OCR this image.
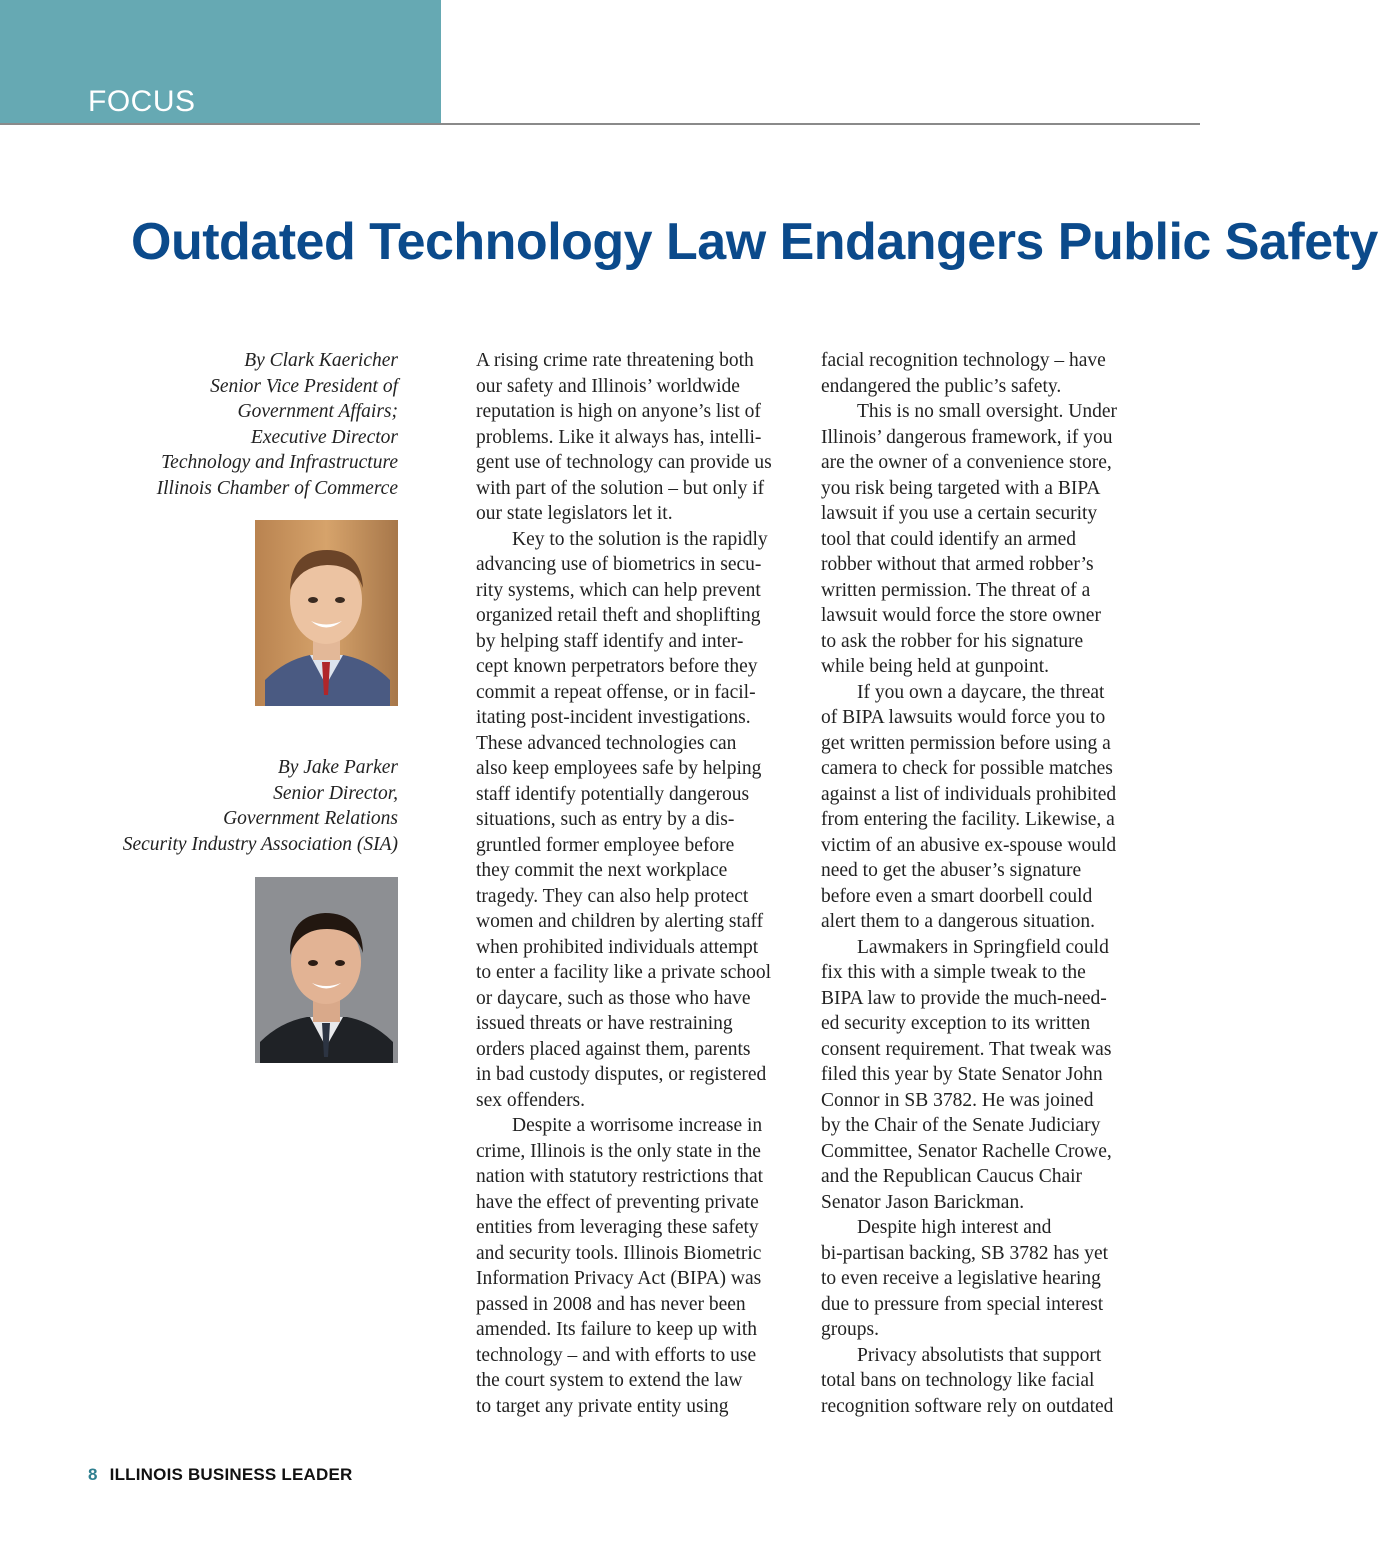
FOCUS
Outdated Technology Law Endangers Public Safety
By Clark Kaericher
Senior Vice President of
Government Affairs;
Executive Director
Technology and Infrastructure
Illinois Chamber of Commerce
By Jake Parker
Senior Director,
Government Relations
Security Industry Association (SIA)

A rising crime rate threatening both
our safety and Illinois’ worldwide
reputation is high on anyone’s list of
problems. Like it always has, intelli-
gent use of technology can provide us
with part of the solution – but only if
our state legislators let it.

Key to the solution is the rapidly
advancing use of biometrics in secu-
rity systems, which can help prevent
organized retail theft and shoplifting
by helping staff identify and inter-
cept known perpetrators before they
commit a repeat offense, or in facil-
itating post-incident investigations.
These advanced technologies can
also keep employees safe by helping
staff identify potentially dangerous
situations, such as entry by a dis-
gruntled former employee before
they commit the next workplace
tragedy. They can also help protect
women and children by alerting staff
when prohibited individuals attempt
to enter a facility like a private school
or daycare, such as those who have
issued threats or have restraining
orders placed against them, parents
in bad custody disputes, or registered
sex offenders.

Despite a worrisome increase in
crime, Illinois is the only state in the
nation with statutory restrictions that
have the effect of preventing private
entities from leveraging these safety
and security tools. Illinois Biometric
Information Privacy Act (BIPA) was
passed in 2008 and has never been
amended. Its failure to keep up with
technology – and with efforts to use
the court system to extend the law
to target any private entity using

facial recognition technology – have
endangered the public’s safety.

This is no small oversight. Under
Illinois’ dangerous framework, if you
are the owner of a convenience store,
you risk being targeted with a BIPA
lawsuit if you use a certain security
tool that could identify an armed
robber without that armed robber’s
written permission. The threat of a
lawsuit would force the store owner
to ask the robber for his signature
while being held at gunpoint.

If you own a daycare, the threat
of BIPA lawsuits would force you to
get written permission before using a
camera to check for possible matches
against a list of individuals prohibited
from entering the facility. Likewise, a
victim of an abusive ex-spouse would
need to get the abuser’s signature
before even a smart doorbell could
alert them to a dangerous situation.

Lawmakers in Springfield could
fix this with a simple tweak to the
BIPA law to provide the much-need-
ed security exception to its written
consent requirement. That tweak was
filed this year by State Senator John
Connor in SB 3782. He was joined
by the Chair of the Senate Judiciary
Committee, Senator Rachelle Crowe,
and the Republican Caucus Chair
Senator Jason Barickman.

Despite high interest and
bi-partisan backing, SB 3782 has yet
to even receive a legislative hearing
due to pressure from special interest
groups.

Privacy absolutists that support
total bans on technology like facial
recognition software rely on outdated

8 ILLINOIS BUSINESS LEADER
